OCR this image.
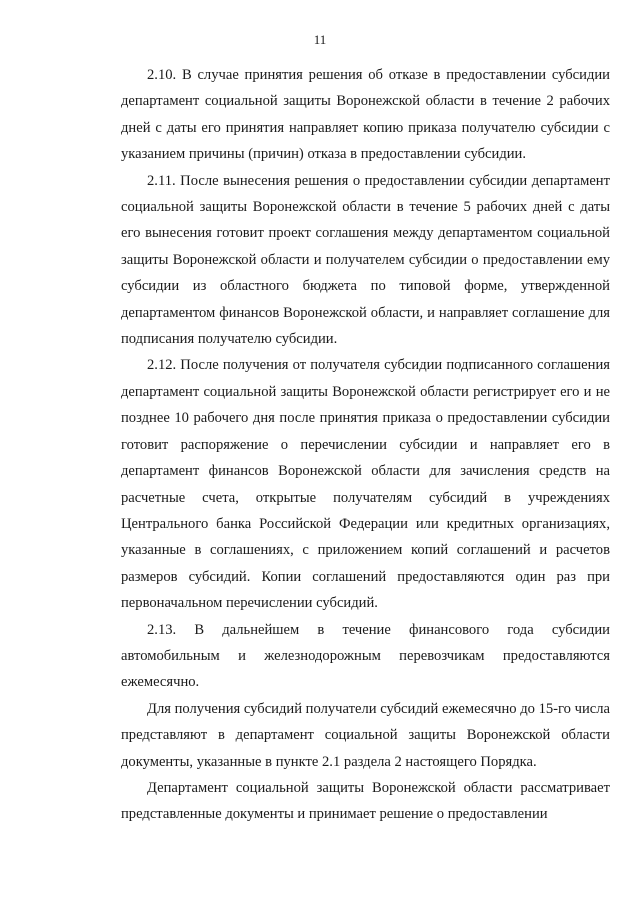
11

2.10. В случае принятия решения об отказе в предоставлении субсидии департамент социальной защиты Воронежской области в течение 2 рабочих дней с даты его принятия направляет копию приказа получателю субсидии с указанием причины (причин) отказа в предоставлении субсидии.

2.11. После вынесения решения о предоставлении субсидии департамент социальной защиты Воронежской области в течение 5 рабочих дней с даты его вынесения готовит проект соглашения между департаментом социальной защиты Воронежской области и получателем субсидии о предоставлении ему субсидии из областного бюджета по типовой форме, утвержденной департаментом финансов Воронежской области, и направляет соглашение для подписания получателю субсидии.

2.12. После получения от получателя субсидии подписанного соглашения департамент социальной защиты Воронежской области регистрирует его и не позднее 10 рабочего дня после принятия приказа о предоставлении субсидии готовит распоряжение о перечислении субсидии и направляет его в департамент финансов Воронежской области для зачисления средств на расчетные счета, открытые получателям субсидий в учреждениях Центрального банка Российской Федерации или кредитных организациях, указанные в соглашениях, с приложением копий соглашений и расчетов размеров субсидий. Копии соглашений предоставляются один раз при первоначальном перечислении субсидий.

2.13. В дальнейшем в течение финансового года субсидии автомобильным и железнодорожным перевозчикам предоставляются ежемесячно.

Для получения субсидий получатели субсидий ежемесячно до 15-го числа представляют в департамент социальной защиты Воронежской области документы, указанные в пункте 2.1 раздела 2 настоящего Порядка.

Департамент социальной защиты Воронежской области рассматривает представленные документы и принимает решение о предоставлении
